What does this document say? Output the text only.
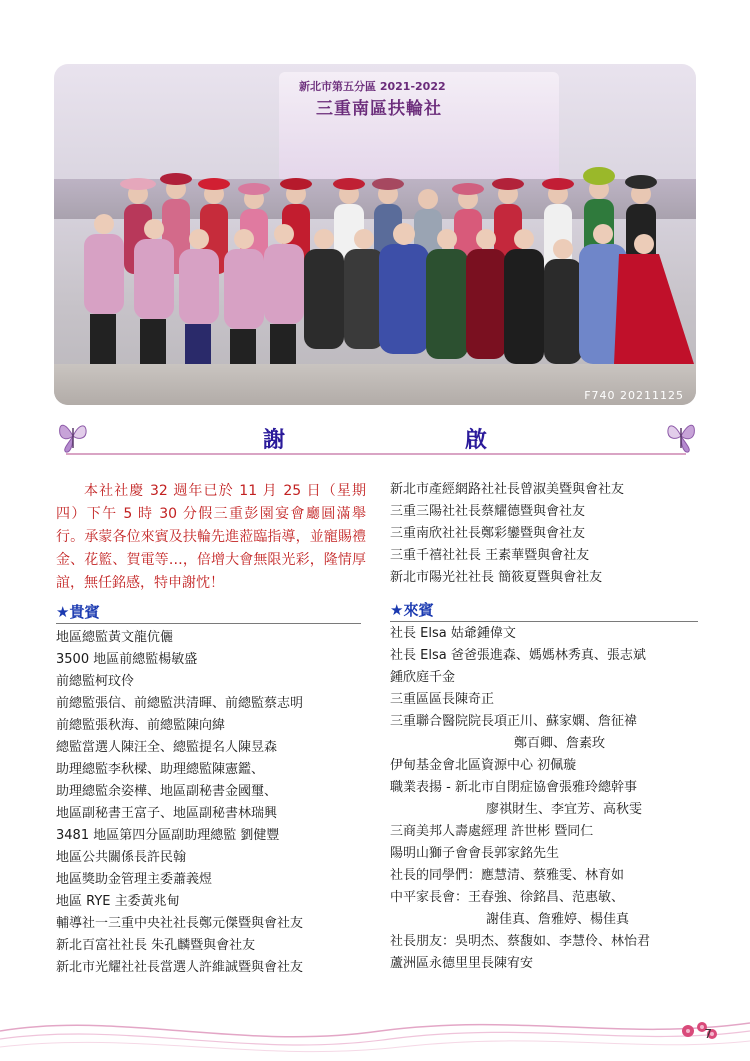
新北市第五分區 2021-2022
三重南區扶輪社
F740 20211125
謝	啟
本社社慶 32 週年已於 11 月 25 日（星期四）下午 5 時 30 分假三重彭園宴會廳圓滿舉行。承蒙各位來賓及扶輪先進蒞臨指導，並寵賜禮金、花籃、賀電等…，倍增大會無限光彩，隆情厚誼，無任銘感，特申謝忱！
★貴賓
地區總監黃文龍伉儷
3500 地區前總監楊敏盛
前總監柯玟伶
前總監張信、前總監洪清暉、前總監蔡志明
前總監張秋海、前總監陳向緯
總監當選人陳汪全、總監提名人陳昱森
助理總監李秋樑、助理總監陳憲鑑、
助理總監余姿樺、地區副秘書金國璽、
地區副秘書王富子、地區副秘書林瑞興
3481 地區第四分區副助理總監 劉健豐
地區公共關係長許民翰
地區獎助金管理主委蕭義煜
地區 RYE 主委黃兆甸
輔導社一三重中央社社長鄭元傑暨與會社友
新北百富社社長 朱孔麟暨與會社友
新北市光耀社社長當選人許維誠暨與會社友
新北市產經網路社社長曾淑美暨與會社友
三重三陽社社長蔡耀德暨與會社友
三重南欣社社長鄭彩鑾暨與會社友
三重千禧社社長 王素華暨與會社友
新北市陽光社社長 簡筱夏暨與會社友
★來賓
社長 Elsa 姑爺鍾偉文
社長 Elsa 爸爸張進森、媽媽林秀真、張志斌
鍾欣庭千金
三重區區長陳奇正
三重聯合醫院院長項正川、蘇家嫻、詹征禕
鄭百卿、詹素玫
伊甸基金會北區資源中心 初佩璇
職業表揚 - 新北市自閉症協會張雅玲總幹事
廖祺財生、李宜芳、高秋雯
三商美邦人壽處經理 許世彬 暨同仁
陽明山獅子會會長郭家銘先生
社長的同學們：應慧清、蔡雅雯、林育如
中平家長會：王春強、徐銘昌、范惠敏、
謝佳真、詹雅婷、楊佳真
社長朋友：吳明杰、蔡馥如、李慧伶、林怡君
蘆洲區永德里里長陳宥安
7
